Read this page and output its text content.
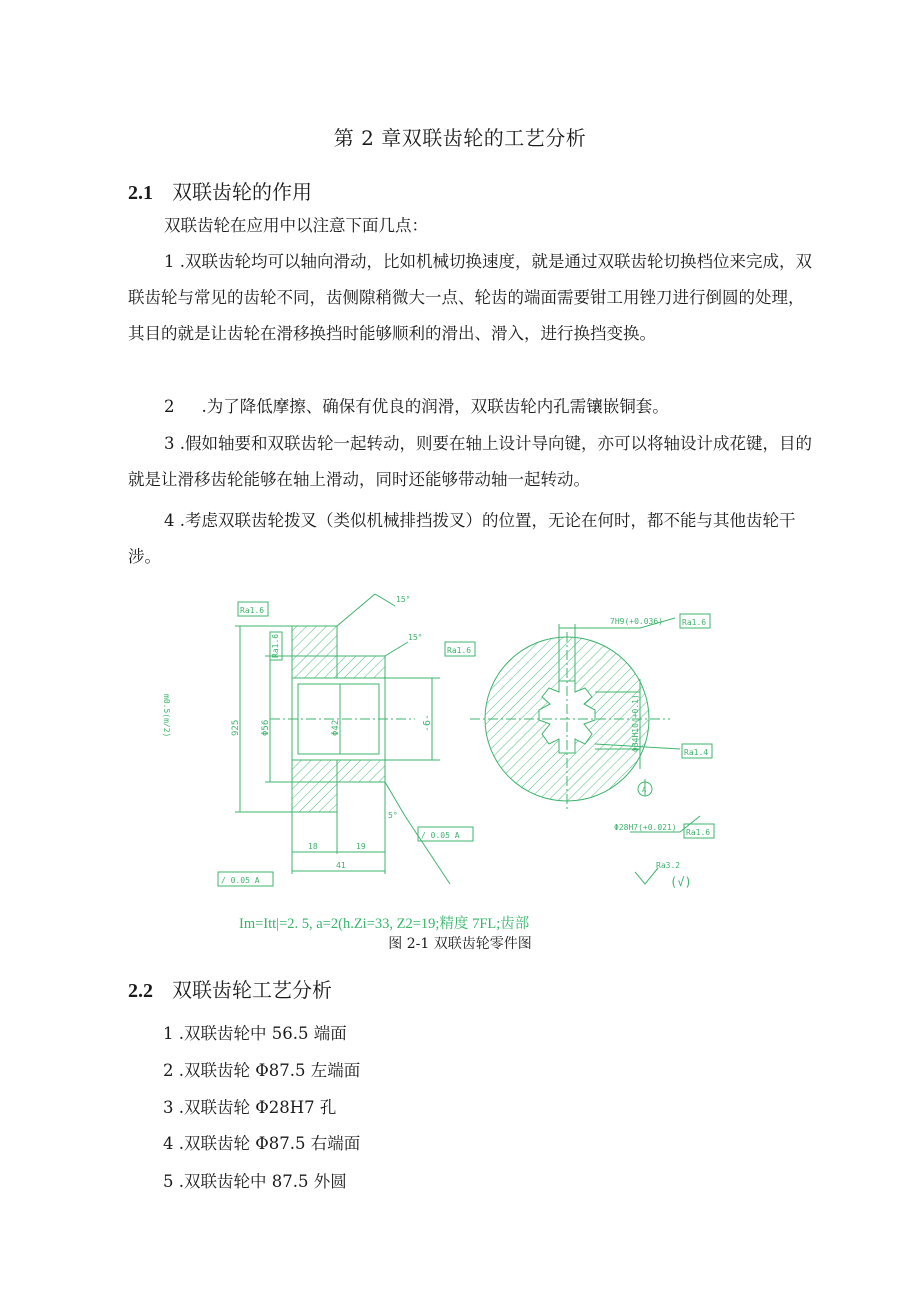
第 2 章双联齿轮的工艺分析
2.1 双联齿轮的作用
双联齿轮在应用中以注意下面几点：
1 .双联齿轮均可以轴向滑动，比如机械切换速度，就是通过双联齿轮切换档位来完成，双联齿轮与常见的齿轮不同，齿侧隙稍微大一点、轮齿的端面需要钳工用锉刀进行倒圆的处理，其目的就是让齿轮在滑移换挡时能够顺利的滑出、滑入，进行换挡变换。
2 　 .为了降低摩擦、确保有优良的润滑，双联齿轮内孔需镶嵌铜套。
3 .假如轴要和双联齿轮一起转动，则要在轴上设计导向键，亦可以将轴设计成花键，目的就是让滑移齿轮能够在轴上滑动，同时还能够带动轴一起转动。
4 .考虑双联齿轮拨叉（类似机械排挡拨叉）的位置，无论在何时，都不能与其他齿轮干涉。
Ra1.6
Ra1.6	Ra1.6
15°
15°
5°
925 Φ56	Φ42	-6-
m0.5(m/2)
18	19
41
/ 0.05 A
/ 0.05 A
7H9(+0.036) Ra1.6
Φ34H10(+0.1)
Ra1.4
A
Φ28H7(+0.021)
Ra1.6
Ra3.2
(√)
Im=Itt|=2. 5, a=2(h.Zi=33, Z2=19;精度 7FL;齿部
图 2-1 双联齿轮零件图
2.2 双联齿轮工艺分析
1 .双联齿轮中 56.5 端面
2 .双联齿轮 Φ87.5 左端面
3 .双联齿轮 Φ28H7 孔
4 .双联齿轮 Φ87.5 右端面
5 .双联齿轮中 87.5 外圆
